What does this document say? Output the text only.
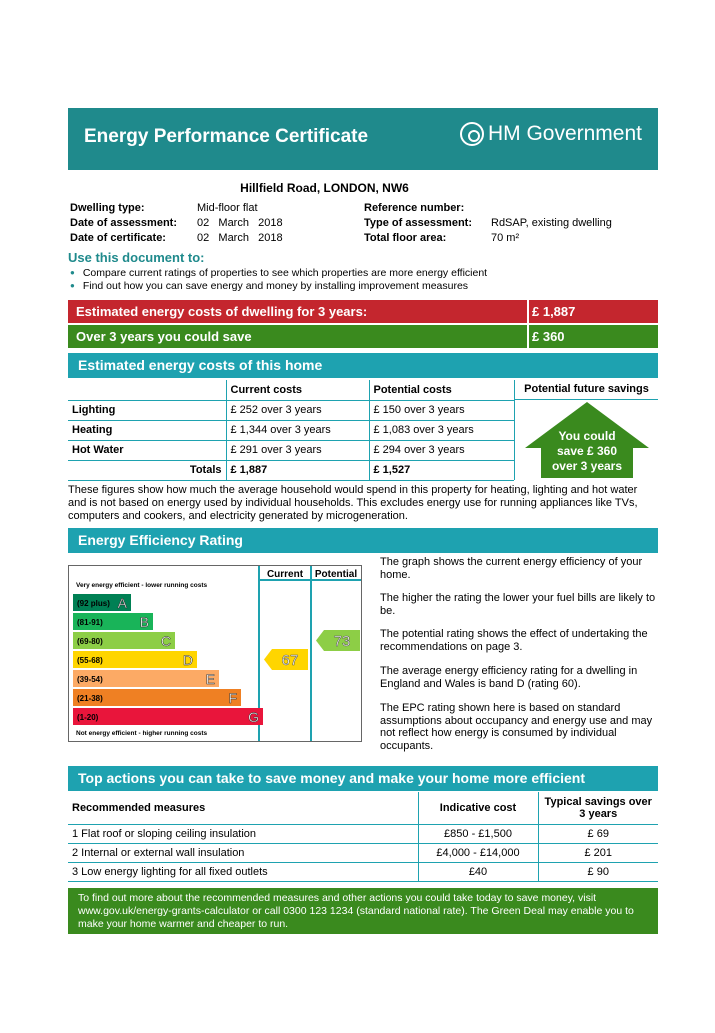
Energy Performance Certificate	HM Government
Hillfield Road, LONDON, NW6
Dwelling type:	Mid-floor flat
Date of assessment: 02   March   2018
Date of certificate:	02   March   2018
Reference number:
Type of assessment: RdSAP, existing dwelling
Total floor area:	70 m²
Use this document to:
● Compare current ratings of properties to see which properties are more energy efficient
● Find out how you can save energy and money by installing improvement measures
Estimated energy costs of dwelling for 3 years:	£ 1,887
Over 3 years you could save	£ 360
Estimated energy costs of this home
	Current costs	Potential costs
Lighting	£ 252 over 3 years	£ 150 over 3 years
Heating	£ 1,344 over 3 years	£ 1,083 over 3 years
Hot Water	£ 291 over 3 years	£ 294 over 3 years
Totals	£ 1,887	£ 1,527
Potential future savings
You could
save £ 360
over 3 years
These figures show how much the average household would spend in this property for heating, lighting and hot water and is not based on energy used by individual households. This excludes energy use for running appliances like TVs, computers and cookers, and electricity generated by microgeneration.
Energy Efficiency Rating
Current Potential
Very energy efficient - lower running costs
Not energy efficient - higher running costs
(92 plus) A
(81-91)	B
(69-80)	C
(55-68)	D
(39-54)	E
(21-38)	F
(1-20)	G
67
73
The graph shows the current energy efficiency of your home.
The higher the rating the lower your fuel bills are likely to be.
The potential rating shows the effect of undertaking the recommendations on page 3.
The average energy efficiency rating for a dwelling in England and Wales is band D (rating 60).
The EPC rating shown here is based on standard assumptions about occupancy and energy use and may not reflect how energy is consumed by individual occupants.
Top actions you can take to save money and make your home more efficient
Recommended measures	Indicative cost	Typical savings over 3 years
1 Flat roof or sloping ceiling insulation	£850 - £1,500	£ 69
2 Internal or external wall insulation	£4,000 - £14,000	£ 201
3 Low energy lighting for all fixed outlets	£40	£ 90
To find out more about the recommended measures and other actions you could take today to save money, visit
www.gov.uk/energy-grants-calculator or call 0300 123 1234 (standard national rate). The Green Deal may enable you to
make your home warmer and cheaper to run.
